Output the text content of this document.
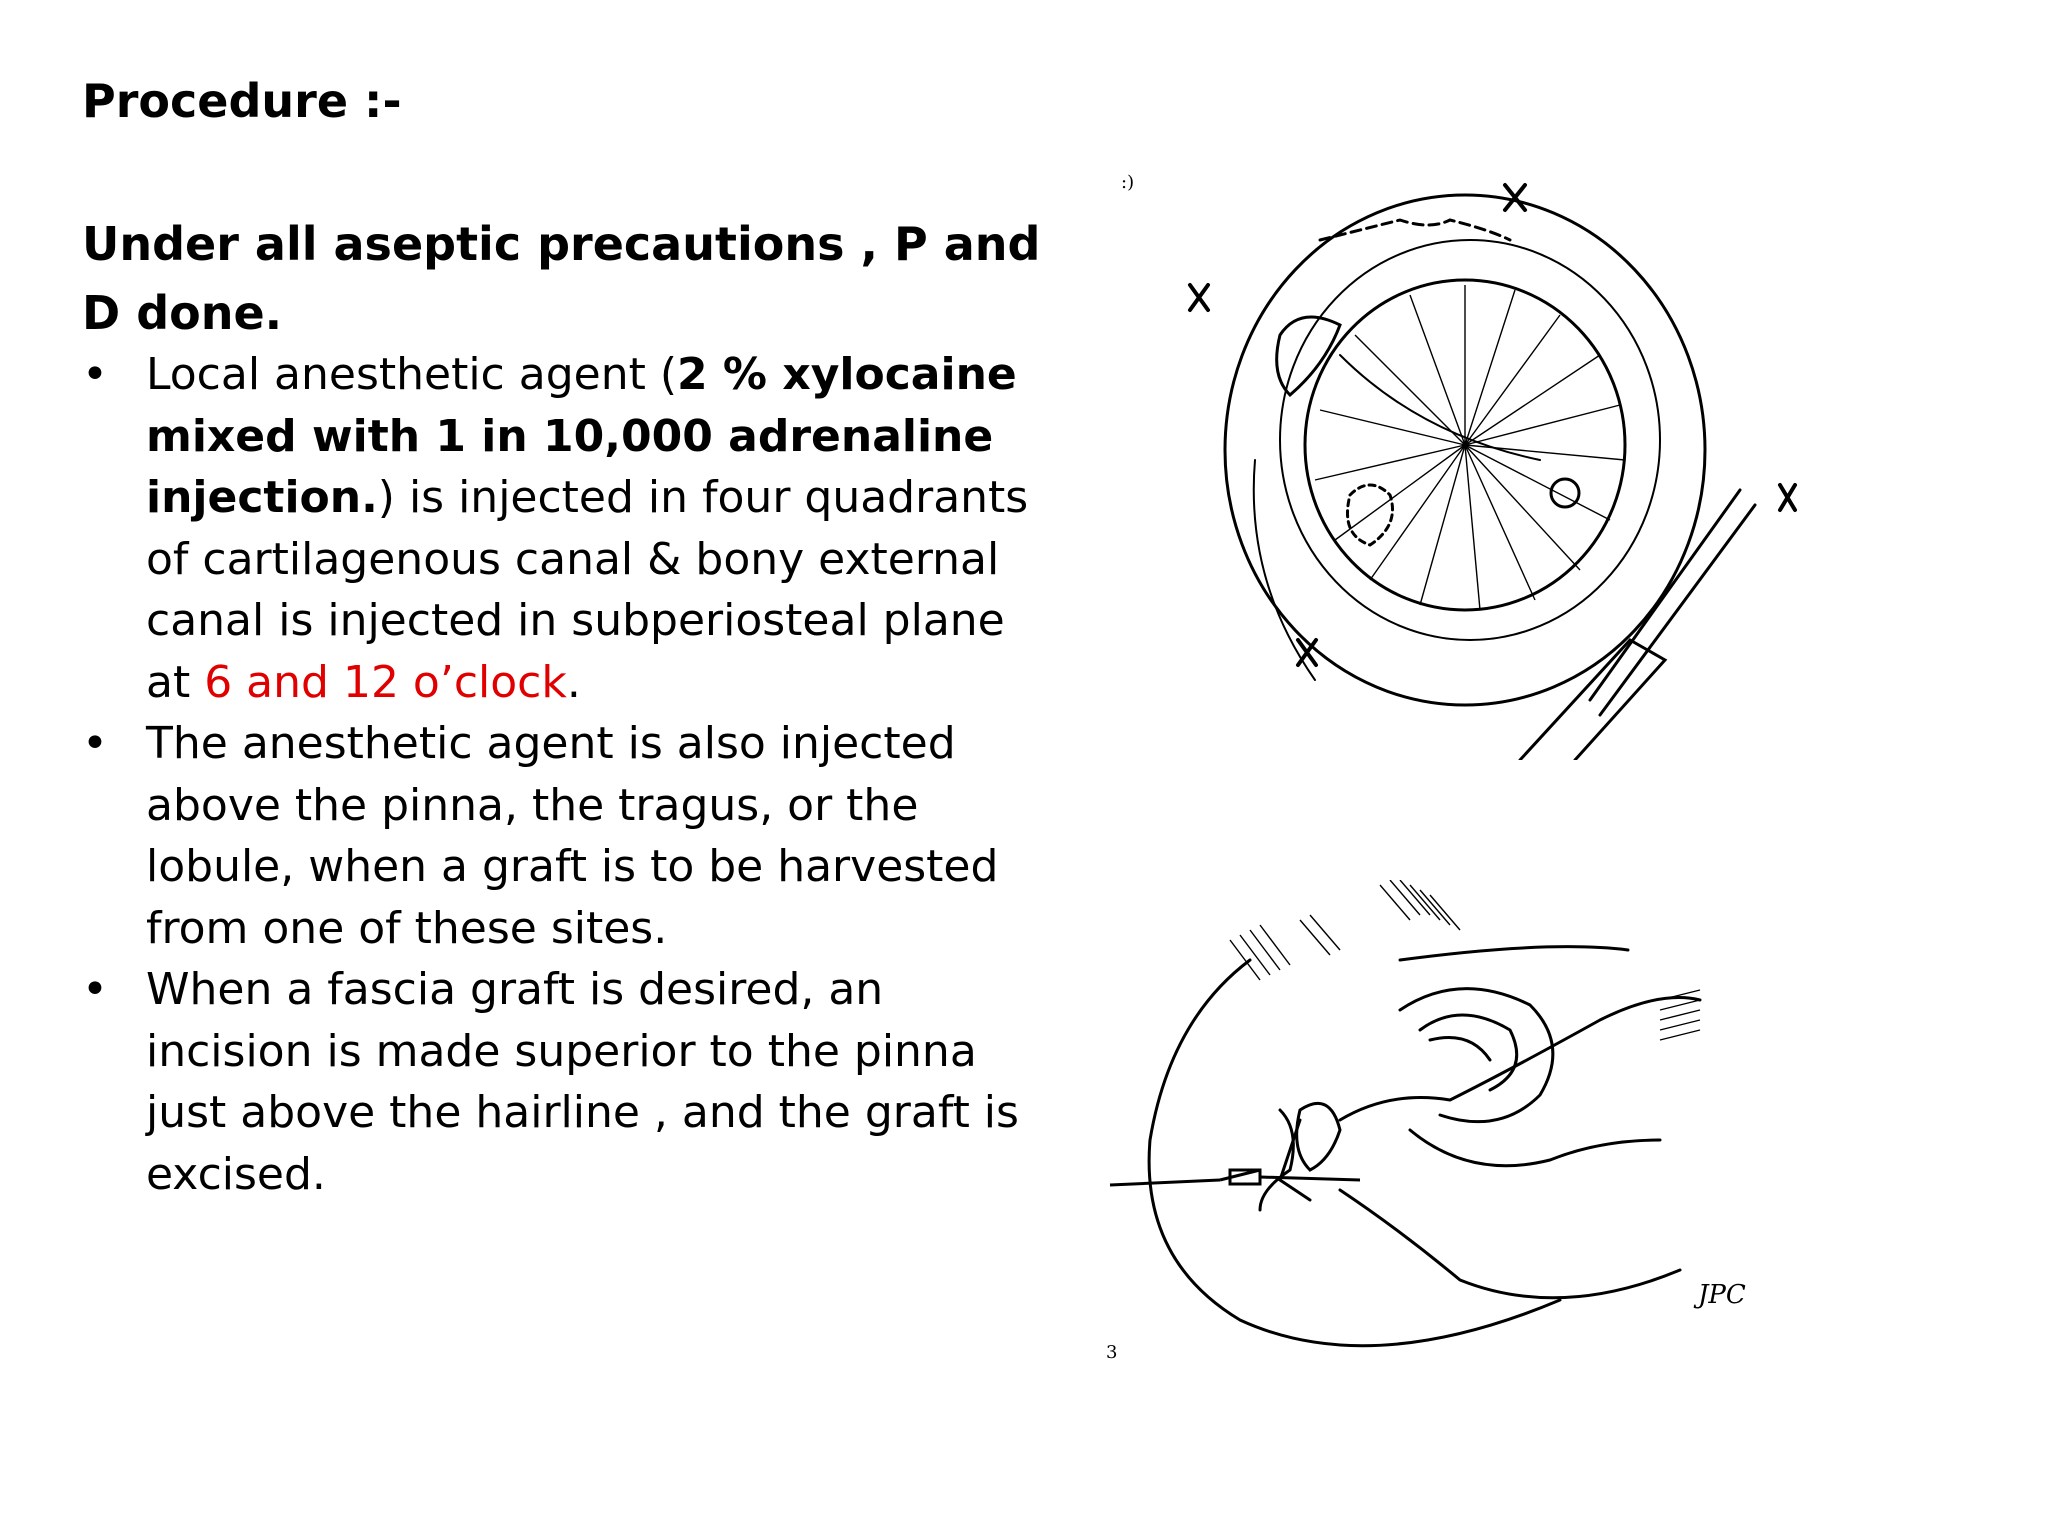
Procedure :-
Under all aseptic precautions , P and D done.
• Local anesthetic agent (2 % xylocaine mixed with 1 in 10,000 adrenaline injection.) is injected in four quadrants of cartilagenous canal & bony external canal is injected in subperiosteal plane at 6 and 12 o’clock.
• The anesthetic agent is also injected above the pinna, the tragus, or the lobule, when a graft is to be harvested from one of these sites.
• When a fascia graft is desired, an incision is made superior to the pinna just above the hairline , and the graft is excised.
:)
JPC
3
